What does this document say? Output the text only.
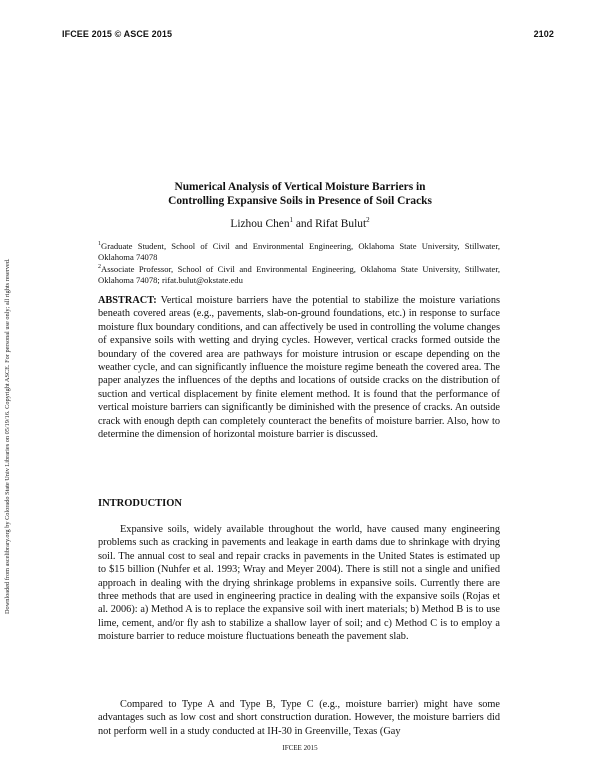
IFCEE 2015 © ASCE 2015	2102
Downloaded from ascelibrary.org by Colorado State Univ Libraries on 05/19/16. Copyright ASCE. For personal use only; all rights reserved.
Numerical Analysis of Vertical Moisture Barriers in
Controlling Expansive Soils in Presence of Soil Cracks
Lizhou Chen$^1$ and Rifat Bulut$^2$
$^1$Graduate Student, School of Civil and Environmental Engineering, Oklahoma State University, Stillwater, Oklahoma 74078
$^2$Associate Professor, School of Civil and Environmental Engineering, Oklahoma State University, Stillwater, Oklahoma 74078; rifat.bulut@okstate.edu
ABSTRACT: Vertical moisture barriers have the potential to stabilize the moisture variations beneath covered areas (e.g., pavements, slab-on-ground foundations, etc.) in response to surface moisture flux boundary conditions, and can affectively be used in controlling the volume changes of expansive soils with wetting and drying cycles. However, vertical cracks formed outside the boundary of the covered area are pathways for moisture intrusion or escape depending on the weather cycle, and can significantly influence the moisture regime beneath the covered area. The paper analyzes the influences of the depths and locations of outside cracks on the distribution of suction and vertical displacement by finite element method. It is found that the performance of vertical moisture barriers can significantly be diminished with the presence of cracks. An outside crack with enough depth can completely counteract the benefits of moisture barrier. Also, how to determine the dimension of horizontal moisture barrier is discussed.
INTRODUCTION
Expansive soils, widely available throughout the world, have caused many engineering problems such as cracking in pavements and leakage in earth dams due to shrinkage with drying soil. The annual cost to seal and repair cracks in pavements in the United States is estimated up to $15 billion (Nuhfer et al. 1993; Wray and Meyer 2004). There is still not a single and unified approach in dealing with the drying shrinkage problems in expansive soils. Currently there are three methods that are used in engineering practice in dealing with the expansive soils (Rojas et al. 2006): a) Method A is to replace the expansive soil with inert materials; b) Method B is to use lime, cement, and/or fly ash to stabilize a shallow layer of soil; and c) Method C is to employ a moisture barrier to reduce moisture fluctuations beneath the pavement slab.
Compared to Type A and Type B, Type C (e.g., moisture barrier) might have some advantages such as low cost and short construction duration. However, the moisture barriers did not perform well in a study conducted at IH-30 in Greenville, Texas (Gay
IFCEE 2015
